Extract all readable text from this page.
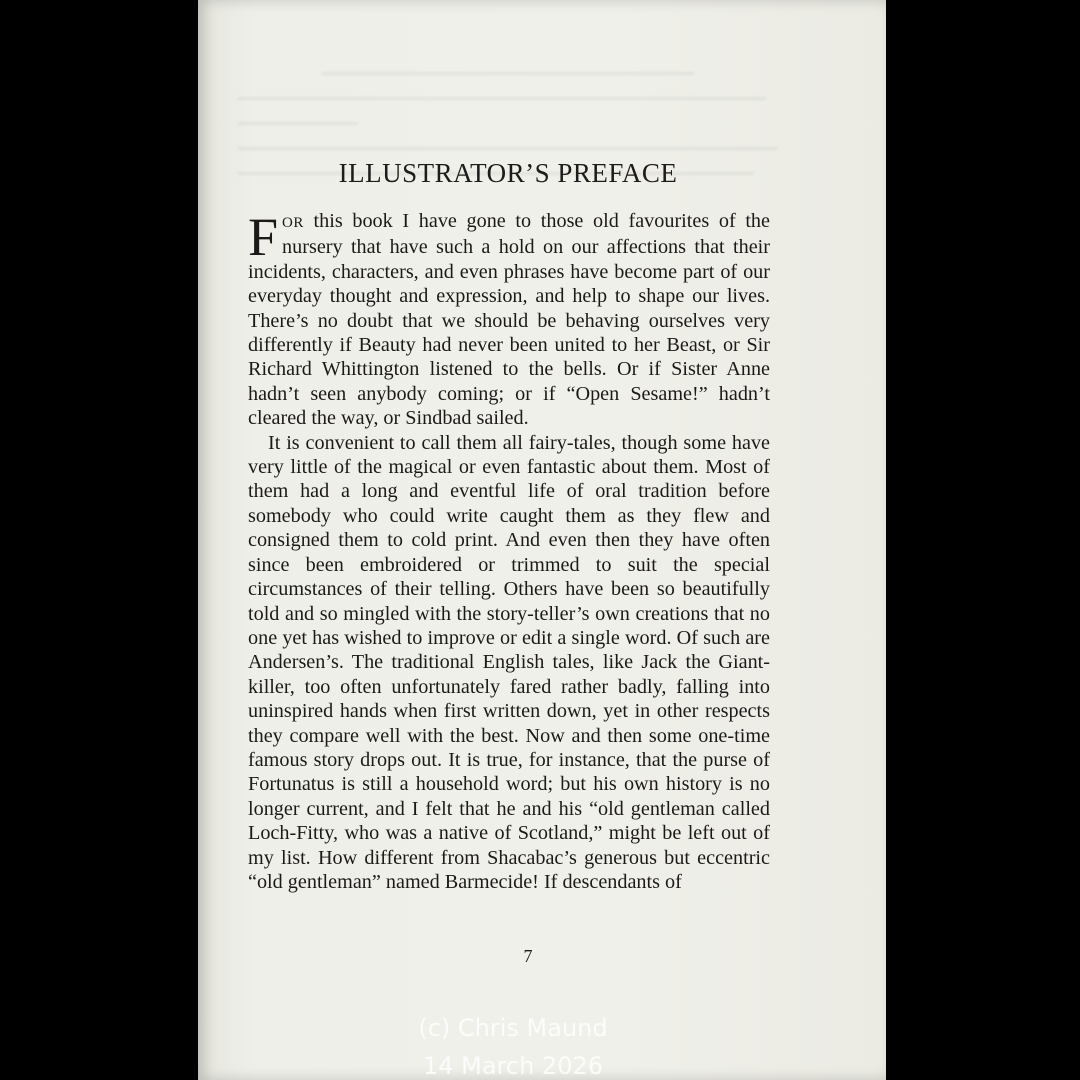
ILLUSTRATOR’S PREFACE

FOR this book I have gone to those old favourites of the nursery that have such a hold on our affections that their incidents, characters, and even phrases have become part of our everyday thought and expression, and help to shape our lives. There’s no doubt that we should be behaving ourselves very differently if Beauty had never been united to her Beast, or Sir Richard Whittington listened to the bells. Or if Sister Anne hadn’t seen anybody coming; or if “Open Sesame!” hadn’t cleared the way, or Sindbad sailed.

It is convenient to call them all fairy-tales, though some have very little of the magical or even fantastic about them. Most of them had a long and eventful life of oral tradition before somebody who could write caught them as they flew and consigned them to cold print. And even then they have often since been embroidered or trimmed to suit the special circumstances of their telling. Others have been so beautifully told and so mingled with the story-teller’s own creations that no one yet has wished to improve or edit a single word. Of such are Andersen’s. The traditional English tales, like Jack the Giant-killer, too often unfortunately fared rather badly, falling into uninspired hands when first written down, yet in other respects they compare well with the best. Now and then some one-time famous story drops out. It is true, for instance, that the purse of Fortunatus is still a household word; but his own history is no longer current, and I felt that he and his “old gentleman called Loch-Fitty, who was a native of Scotland,” might be left out of my list. How different from Shacabac’s generous but eccentric “old gentleman” named Barmecide! If descendants of

7
(c) Chris Maund
14 March 2026
